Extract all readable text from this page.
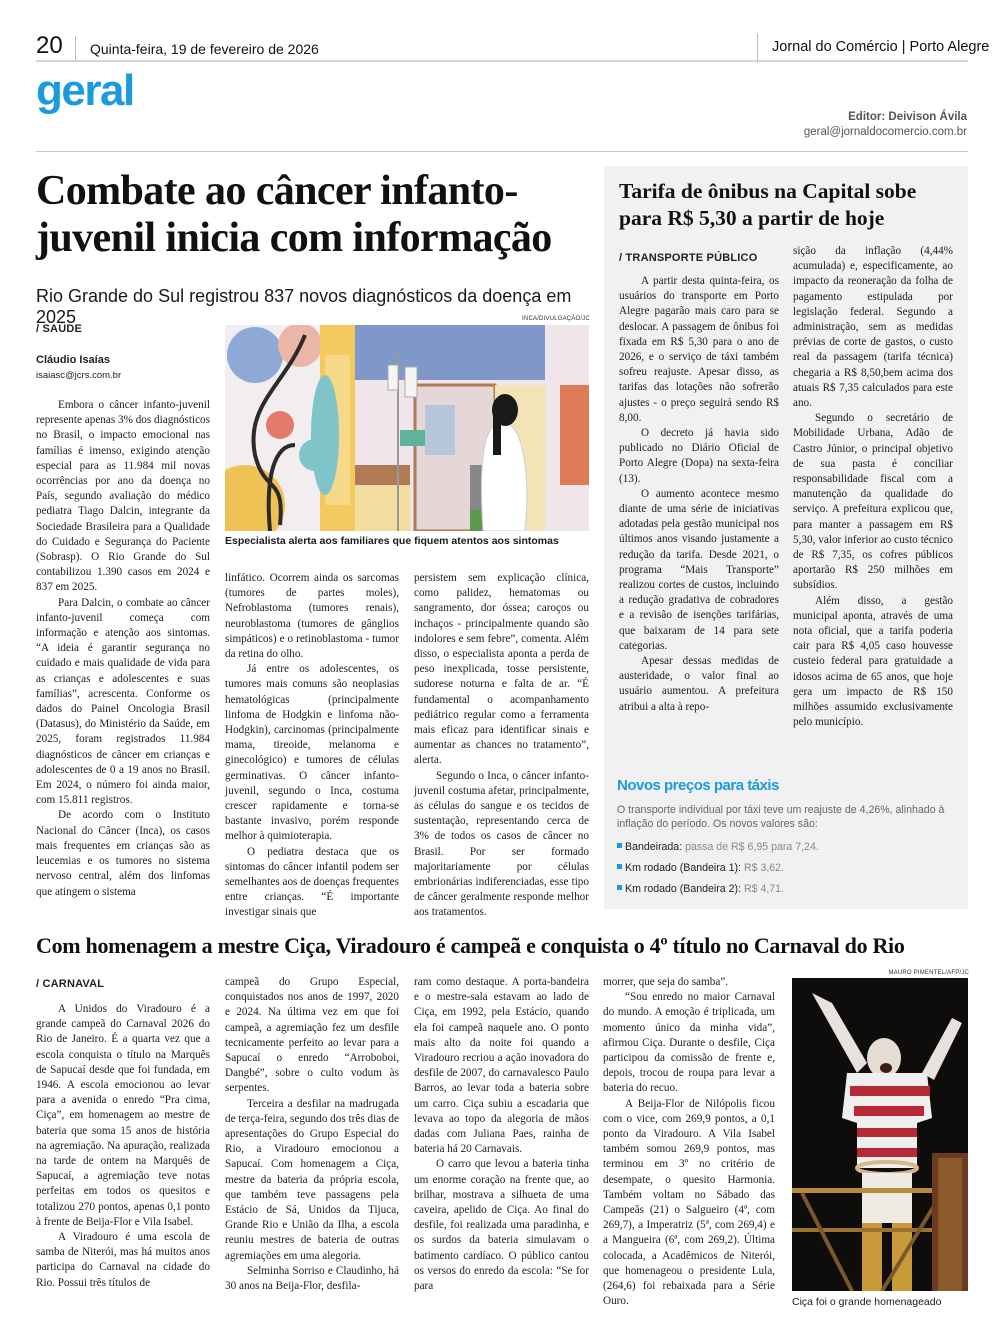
20 Quinta-feira, 19 de fevereiro de 2026	Jornal do Comércio | Porto Alegre
geral
Editor: Deivison Ávila
geral@jornaldocomercio.com.br
Combate ao câncer infanto-juvenil inicia com informação
Rio Grande do Sul registrou 837 novos diagnósticos da doença em 2025
/ SAÚDE
Cláudio Isaías
isaiasc@jcrs.com.br
INCA/DIVULGAÇÃO/JC
Especialista alerta aos familiares que fiquem atentos aos sintomas

Embora o câncer infanto-juvenil represente apenas 3% dos diagnósticos no Brasil, o impacto emocional nas famílias é imenso, exigindo atenção especial para as 11.984 mil novas ocorrências por ano da doença no País, segundo avaliação do médico pediatra Tiago Dalcin, integrante da Sociedade Brasileira para a Qualidade do Cuidado e Segurança do Paciente (Sobrasp). O Rio Grande do Sul contabilizou 1.390 casos em 2024 e 837 em 2025.

Para Dalcin, o combate ao câncer infanto-juvenil começa com informação e atenção aos sintomas. “A ideia é garantir segurança no cuidado e mais qualidade de vida para as crianças e adolescentes e suas famílias”, acrescenta. Conforme os dados do Painel Oncologia Brasil (Datasus), do Ministério da Saúde, em 2025, foram registrados 11.984 diagnósticos de câncer em crianças e adolescentes de 0 a 19 anos no Brasil. Em 2024, o número foi ainda maior, com 15.811 registros.

De acordo com o Instituto Nacional do Câncer (Inca), os casos mais frequentes em crianças são as leucemias e os tumores no sistema nervoso central, além dos linfomas que atingem o sistema

linfático. Ocorrem ainda os sarcomas (tumores de partes moles), Nefroblastoma (tumores renais), neuroblastoma (tumores de gânglios simpáticos) e o retinoblastoma - tumor da retina do olho.

Já entre os adolescentes, os tumores mais comuns são neoplasias hematológicas (principalmente linfoma de Hodgkin e linfoma não-Hodgkin), carcinomas (principalmente mama, tireoide, melanoma e ginecológico) e tumores de células germinativas. O câncer infanto-juvenil, segundo o Inca, costuma crescer rapidamente e torna-se bastante invasivo, porém responde melhor à quimioterapia.

O pediatra destaca que os sintomas do câncer infantil podem ser semelhantes aos de doenças frequentes entre crianças. “É importante investigar sinais que

persistem sem explicação clínica, como palidez, hematomas ou sangramento, dor óssea; caroços ou inchaços - principalmente quando são indolores e sem febre”, comenta. Além disso, o especialista aponta a perda de peso inexplicada, tosse persistente, sudorese noturna e falta de ar. “É fundamental o acompanhamento pediátrico regular como a ferramenta mais eficaz para identificar sinais e aumentar as chances no tratamento”, alerta.

Segundo o Inca, o câncer infanto-juvenil costuma afetar, principalmente, as células do sangue e os tecidos de sustentação, representando cerca de 3% de todos os casos de câncer no Brasil. Por ser formado majoritariamente por células embrionárias indiferenciadas, esse tipo de câncer geralmente responde melhor aos tratamentos.

Tarifa de ônibus na Capital sobe para R$ 5,30 a partir de hoje
/ TRANSPORTE PÚBLICO

A partir desta quinta-feira, os usuários do transporte em Porto Alegre pagarão mais caro para se deslocar. A passagem de ônibus foi fixada em R$ 5,30 para o ano de 2026, e o serviço de táxi também sofreu reajuste. Apesar disso, as tarifas das lotações não sofrerão ajustes - o preço seguirá sendo R$ 8,00.

O decreto já havia sido publicado no Diário Oficial de Porto Alegre (Dopa) na sexta-feira (13).

O aumento acontece mesmo diante de uma série de iniciativas adotadas pela gestão municipal nos últimos anos visando justamente a redução da tarifa. Desde 2021, o programa “Mais Transporte” realizou cortes de custos, incluindo a redução gradativa de cobradores e a revisão de isenções tarifárias, que baixaram de 14 para sete categorias.

Apesar dessas medidas de austeridade, o valor final ao usuário aumentou. A prefeitura atribui a alta à repo-

sição da inflação (4,44% acumulada) e, especificamente, ao impacto da reoneração da folha de pagamento estipulada por legislação federal. Segundo a administração, sem as medidas prévias de corte de gastos, o custo real da passagem (tarifa técnica) chegaria a R$ 8,50,bem acima dos atuais R$ 7,35 calculados para este ano.

Segundo o secretário de Mobilidade Urbana, Adão de Castro Júnior, o principal objetivo de sua pasta é conciliar responsabilidade fiscal com a manutenção da qualidade do serviço. A prefeitura explicou que, para manter a passagem em R$ 5,30, valor inferior ao custo técnico de R$ 7,35, os cofres públicos aportarão R$ 250 milhões em subsídios.

Além disso, a gestão municipal aponta, através de uma nota oficial, que a tarifa poderia cair para R$ 4,05 caso houvesse custeio federal para gratuidade a idosos acima de 65 anos, que hoje gera um impacto de R$ 150 milhões assumido exclusivamente pelo município.

Novos preços para táxis
O transporte individual por táxi teve um reajuste de 4,26%, alinhado à inflação do período. Os novos valores são:
Bandeirada: passa de R$ 6,95 para 7,24.
Km rodado (Bandeira 1): R$ 3,62.
Km rodado (Bandeira 2): R$ 4,71.
Com homenagem a mestre Ciça, Viradouro é campeã e conquista o 4º título no Carnaval do Rio
/ CARNAVAL

A Unidos do Viradouro é a grande campeã do Carnaval 2026 do Rio de Janeiro. É a quarta vez que a escola conquista o título na Marquês de Sapucaí desde que foi fundada, em 1946. A escola emocionou ao levar para a avenida o enredo “Pra cima, Ciça”, em homenagem ao mestre de bateria que soma 15 anos de história na agremiação. Na apuração, realizada na tarde de ontem na Marquês de Sapucaí, a agremiação teve notas perfeitas em todos os quesitos e totalizou 270 pontos, apenas 0,1 ponto à frente de Beija-Flor e Vila Isabel.

A Viradouro é uma escola de samba de Niterói, mas há muitos anos participa do Carnaval na cidade do Rio. Possui três títulos de

campeã do Grupo Especial, conquistados nos anos de 1997, 2020 e 2024. Na última vez em que foi campeã, a agremiação fez um desfile tecnicamente perfeito ao levar para a Sapucaí o enredo “Arroboboi, Dangbé”, sobre o culto vodum às serpentes.

Terceira a desfilar na madrugada de terça-feira, segundo dos três dias de apresentações do Grupo Especial do Rio, a Viradouro emocionou a Sapucaí. Com homenagem a Ciça, mestre da bateria da própria escola, que também teve passagens pela Estácio de Sá, Unidos da Tijuca, Grande Rio e União da Ilha, a escola reuniu mestres de bateria de outras agremiações em uma alegoria.

Selminha Sorriso e Claudinho, há 30 anos na Beija-Flor, desfila-

ram como destaque. A porta-bandeira e o mestre-sala estavam ao lado de Ciça, em 1992, pela Estácio, quando ela foi campeã naquele ano. O ponto mais alto da noite foi quando a Viradouro recriou a ação inovadora do desfile de 2007, do carnavalesco Paulo Barros, ao levar toda a bateria sobre um carro. Ciça subiu a escadaria que levava ao topo da alegoria de mãos dadas com Juliana Paes, rainha de bateria há 20 Carnavais.

O carro que levou a bateria tinha um enorme coração na frente que, ao brilhar, mostrava a silhueta de uma caveira, apelido de Ciça. Ao final do desfile, foi realizada uma paradinha, e os surdos da bateria simulavam o batimento cardíaco. O público cantou os versos do enredo da escola: “Se for para

morrer, que seja do samba”.

“Sou enredo no maior Carnaval do mundo. A emoção é triplicada, um momento único da minha vida”, afirmou Ciça. Durante o desfile, Ciça participou da comissão de frente e, depois, trocou de roupa para levar a bateria do recuo.

A Beija-Flor de Nilópolis ficou com o vice, com 269,9 pontos, a 0,1 ponto da Viradouro. A Vila Isabel também somou 269,9 pontos, mas terminou em 3º no critério de desempate, o quesito Harmonia. Também voltam no Sábado das Campeãs (21) o Salgueiro (4ª, com 269,7), a Imperatriz (5ª, com 269,4) e a Mangueira (6ª, com 269,2). Última colocada, a Acadêmicos de Niterói, que homenageou o presidente Lula, (264,6) foi rebaixada para a Série Ouro.

MAURO PIMENTEL/AFP/JC
Ciça foi o grande homenageado
